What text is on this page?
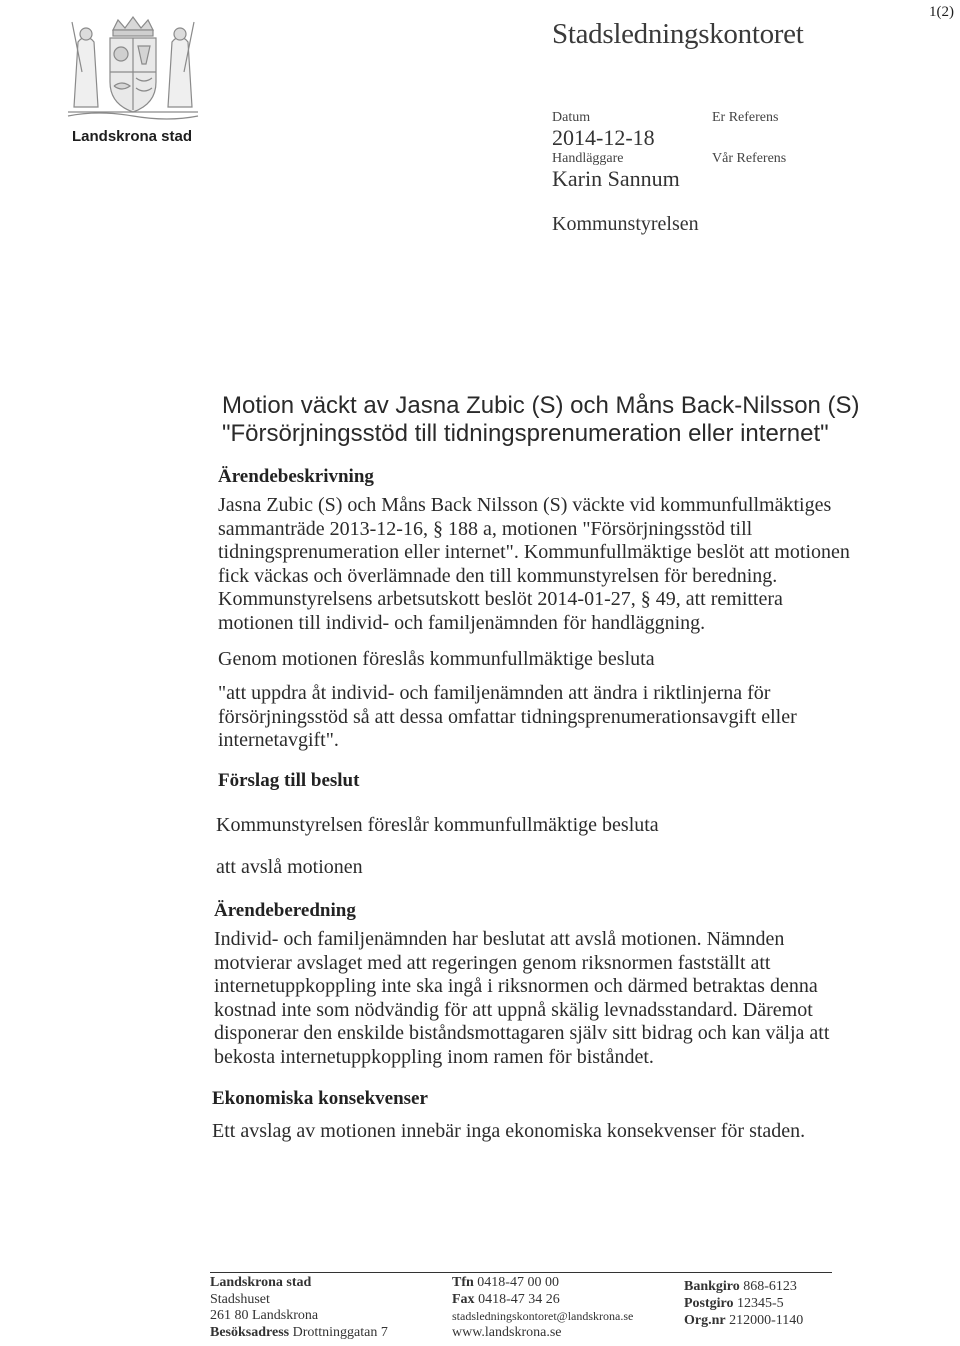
1(2)
Landskrona stad
Stadsledningskontoret
Datum
2014-12-18
Handläggare
Karin Sannum
Er Referens
Vår Referens
Kommunstyrelsen
Motion väckt av Jasna Zubic (S) och Måns Back-Nilsson (S)
"Försörjningsstöd till tidningsprenumeration eller internet"
Ärendebeskrivning

Jasna Zubic (S) och Måns Back Nilsson (S) väckte vid kommunfullmäktiges

sammanträde 2013-12-16, § 188 a, motionen "Försörjningsstöd till

tidningsprenumeration eller internet". Kommunfullmäktige beslöt att motionen

fick väckas och överlämnade den till kommunstyrelsen för beredning.

Kommunstyrelsens arbetsutskott beslöt 2014-01-27, § 49, att remittera

motionen till individ- och familjenämnden för handläggning.

Genom motionen föreslås kommunfullmäktige besluta

"att uppdra åt individ- och familjenämnden att ändra i riktlinjerna för

försörjningsstöd så att dessa omfattar tidningsprenumerationsavgift eller

internetavgift".

Förslag till beslut
Kommunstyrelsen föreslår kommunfullmäktige besluta
att avslå motionen
Ärendeberedning

Individ- och familjenämnden har beslutat att avslå motionen. Nämnden

motvierar avslaget med att regeringen genom riksnormen fastställt att

internetuppkoppling inte ska ingå i riksnormen och därmed betraktas denna

kostnad inte som nödvändig för att uppnå skälig levnadsstandard. Däremot

disponerar den enskilde biståndsmottagaren själv sitt bidrag och kan välja att

bekosta internetuppkoppling inom ramen för biståndet.

Ekonomiska konsekvenser
Ett avslag av motionen innebär inga ekonomiska konsekvenser för staden.
Landskrona stad
Stadshuset
261 80 Landskrona
Besöksadress Drottninggatan 7
Tfn 0418-47 00 00
Fax 0418-47 34 26
stadsledningskontoret@landskrona.se
www.landskrona.se
Bankgiro 868-6123
Postgiro 12345-5
Org.nr 212000-1140
